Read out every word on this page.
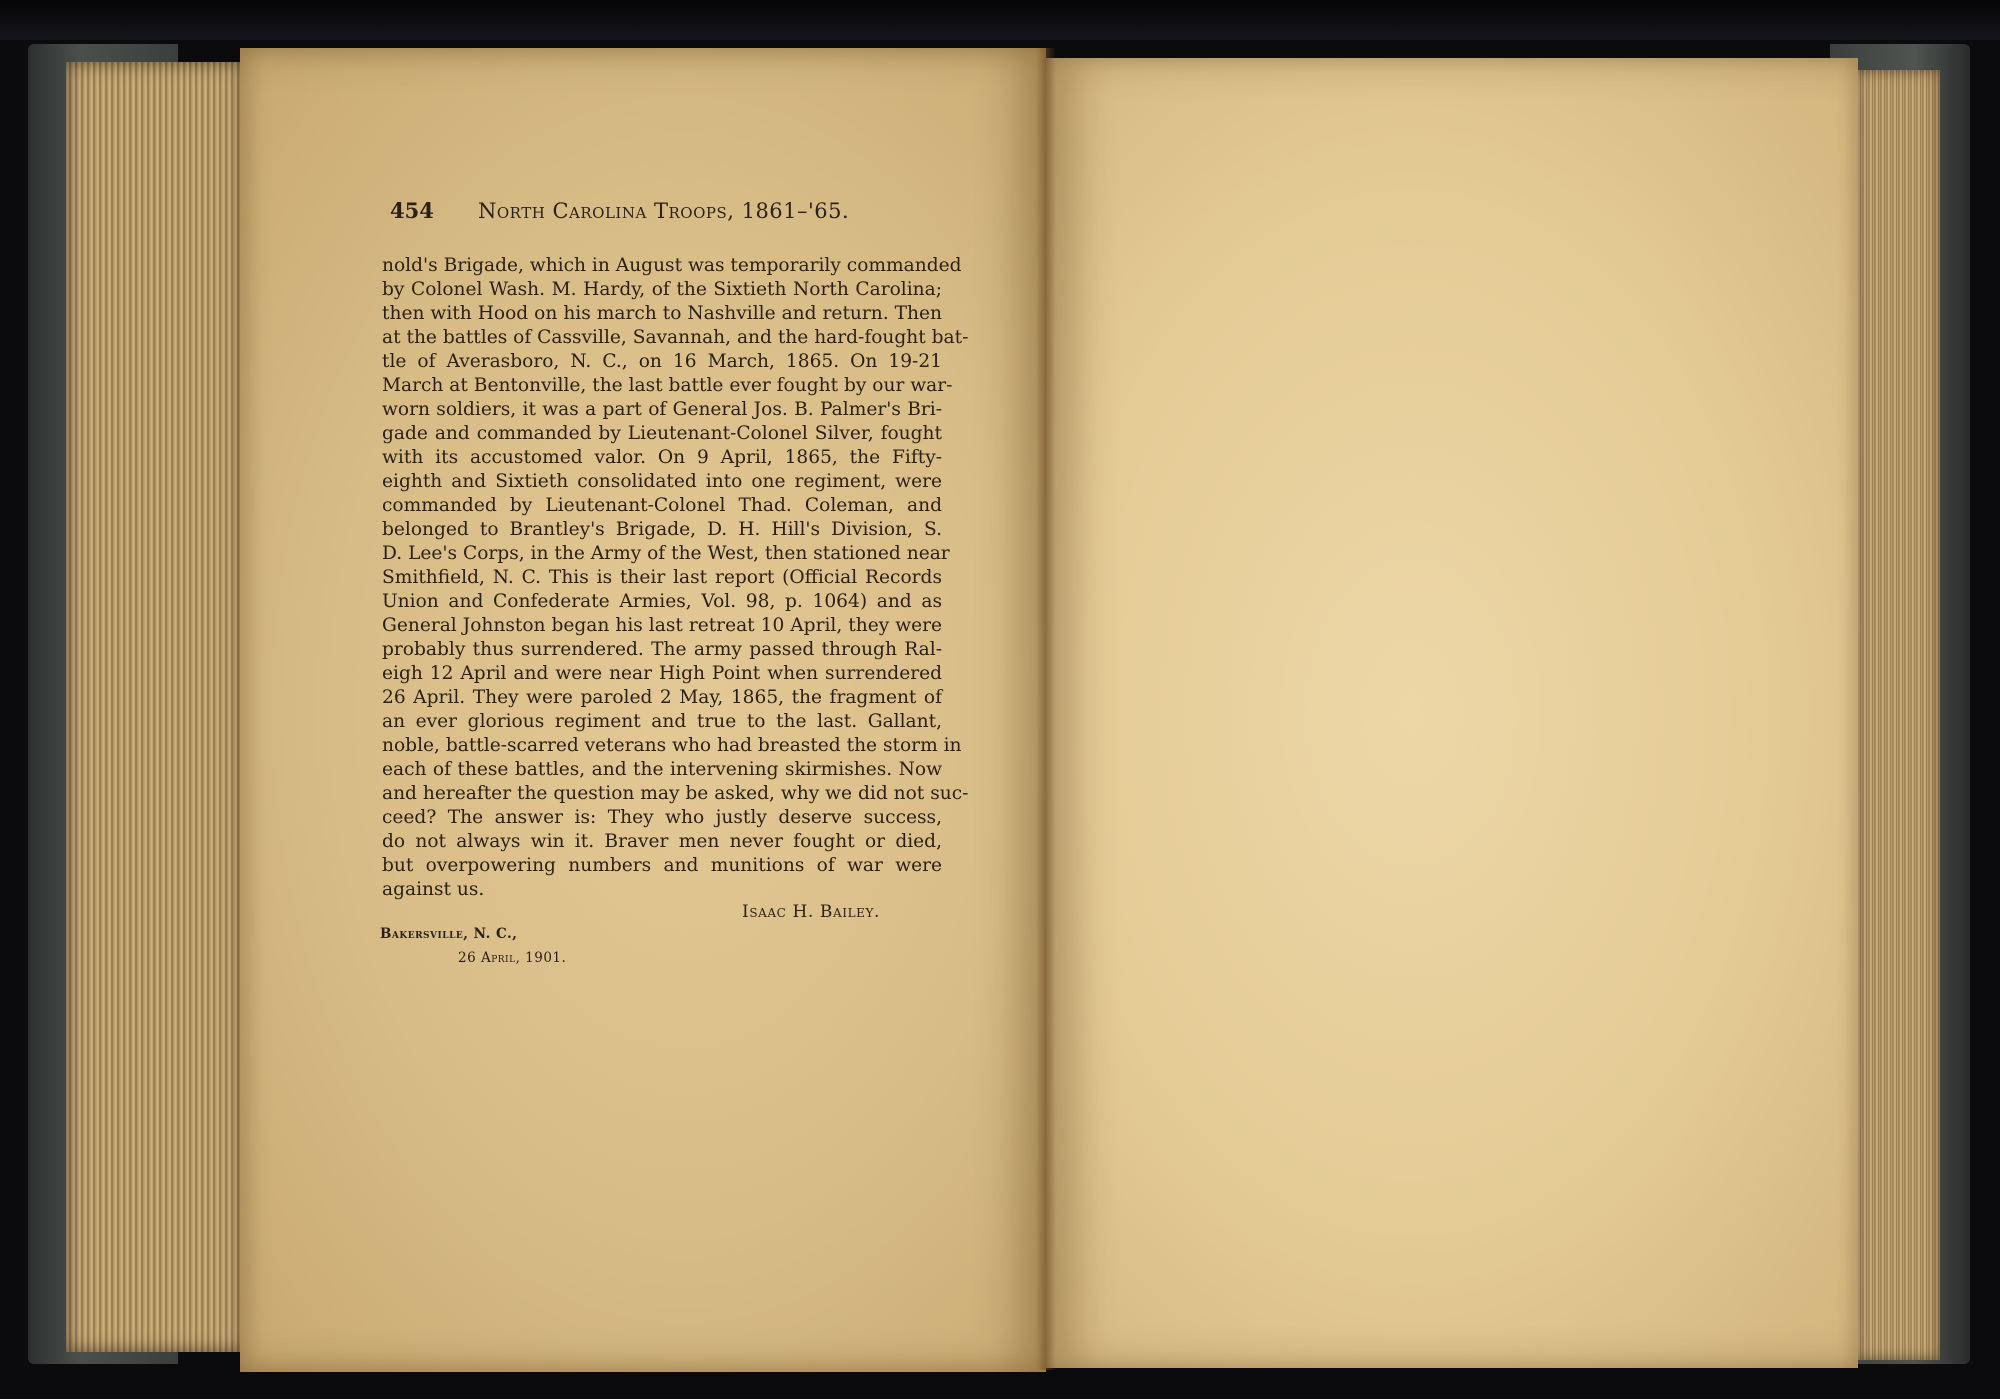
454 North Carolina Troops, 1861–'65.
nold's Brigade, which in August was temporarily commanded
by Colonel Wash. M. Hardy, of the Sixtieth North Carolina;
then with Hood on his march to Nashville and return. Then
at the battles of Cassville, Savannah, and the hard-fought bat-
tle of Averasboro, N. C., on 16 March, 1865. On 19-21
March at Bentonville, the last battle ever fought by our war-
worn soldiers, it was a part of General Jos. B. Palmer's Bri-
gade and commanded by Lieutenant-Colonel Silver, fought
with its accustomed valor. On 9 April, 1865, the Fifty-
eighth and Sixtieth consolidated into one regiment, were
commanded by Lieutenant-Colonel Thad. Coleman, and
belonged to Brantley's Brigade, D. H. Hill's Division, S.
D. Lee's Corps, in the Army of the West, then stationed near
Smithfield, N. C. This is their last report (Official Records
Union and Confederate Armies, Vol. 98, p. 1064) and as
General Johnston began his last retreat 10 April, they were
probably thus surrendered. The army passed through Ral-
eigh 12 April and were near High Point when surrendered
26 April. They were paroled 2 May, 1865, the fragment of
an ever glorious regiment and true to the last. Gallant,
noble, battle-scarred veterans who had breasted the storm in
each of these battles, and the intervening skirmishes. Now
and hereafter the question may be asked, why we did not suc-
ceed? The answer is: They who justly deserve success,
do not always win it. Braver men never fought or died,
but overpowering numbers and munitions of war were
against us.
Isaac H. Bailey.
Bakersville, N. C.,
26 April, 1901.
